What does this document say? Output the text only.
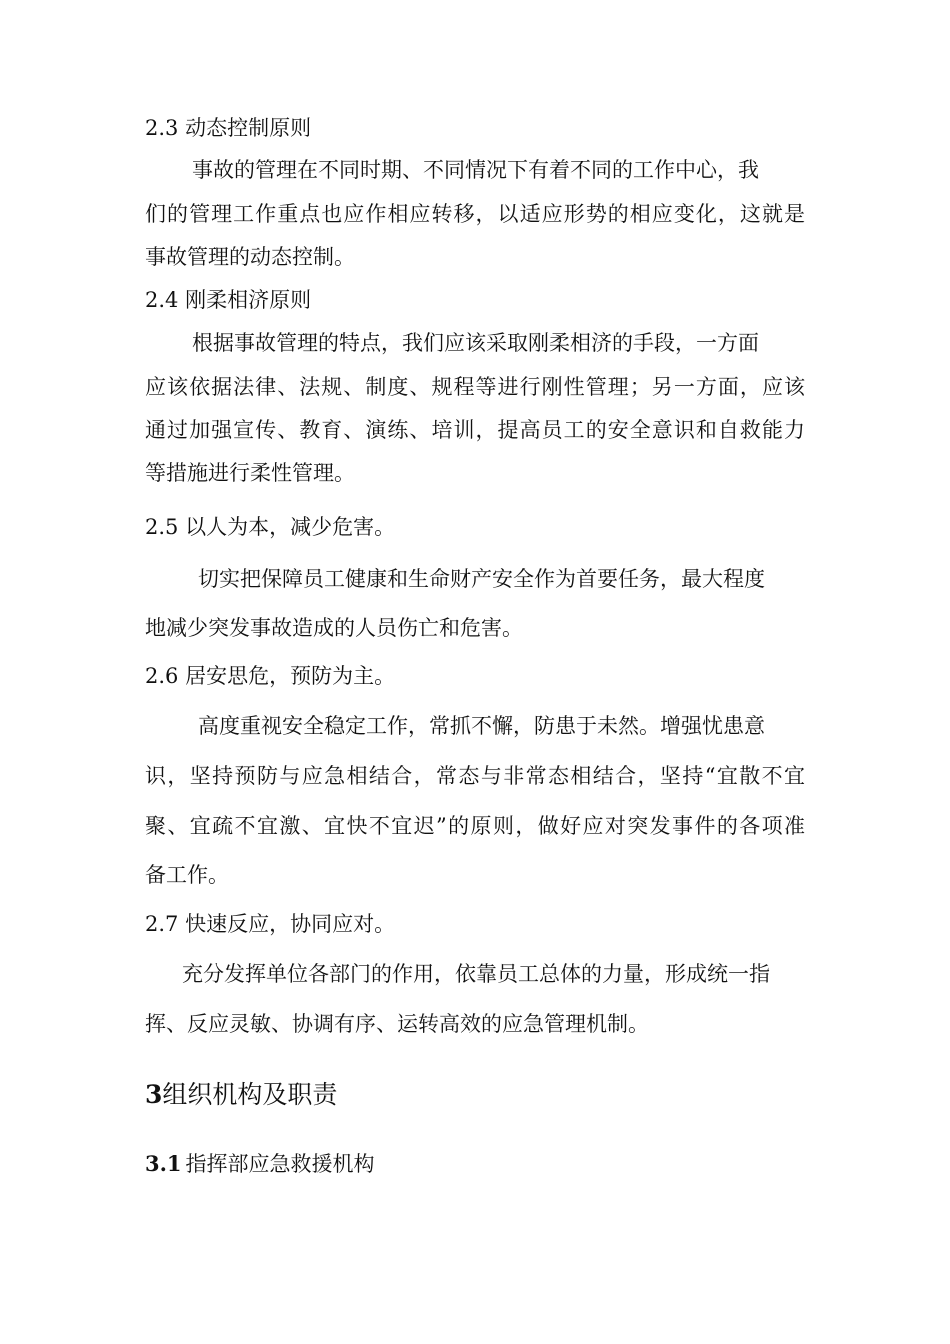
2.3 动态控制原则
事故的管理在不同时期、不同情况下有着不同的工作中心，我
们的管理工作重点也应作相应转移，以适应形势的相应变化，这就是
事故管理的动态控制。
2.4 刚柔相济原则
根据事故管理的特点，我们应该采取刚柔相济的手段，一方面
应该依据法律、法规、制度、规程等进行刚性管理；另一方面，应该
通过加强宣传、教育、演练、培训，提高员工的安全意识和自救能力
等措施进行柔性管理。
2.5 以人为本，减少危害。
切实把保障员工健康和生命财产安全作为首要任务，最大程度
地减少突发事故造成的人员伤亡和危害。
2.6 居安思危，预防为主。
高度重视安全稳定工作，常抓不懈，防患于未然。增强忧患意
识，坚持预防与应急相结合，常态与非常态相结合，坚持“宜散不宜
聚、宜疏不宜激、宜快不宜迟”的原则，做好应对突发事件的各项准
备工作。
2.7 快速反应，协同应对。
充分发挥单位各部门的作用，依靠员工总体的力量，形成统一指
挥、反应灵敏、协调有序、运转高效的应急管理机制。
3组织机构及职责
3.1 指挥部应急救援机构
